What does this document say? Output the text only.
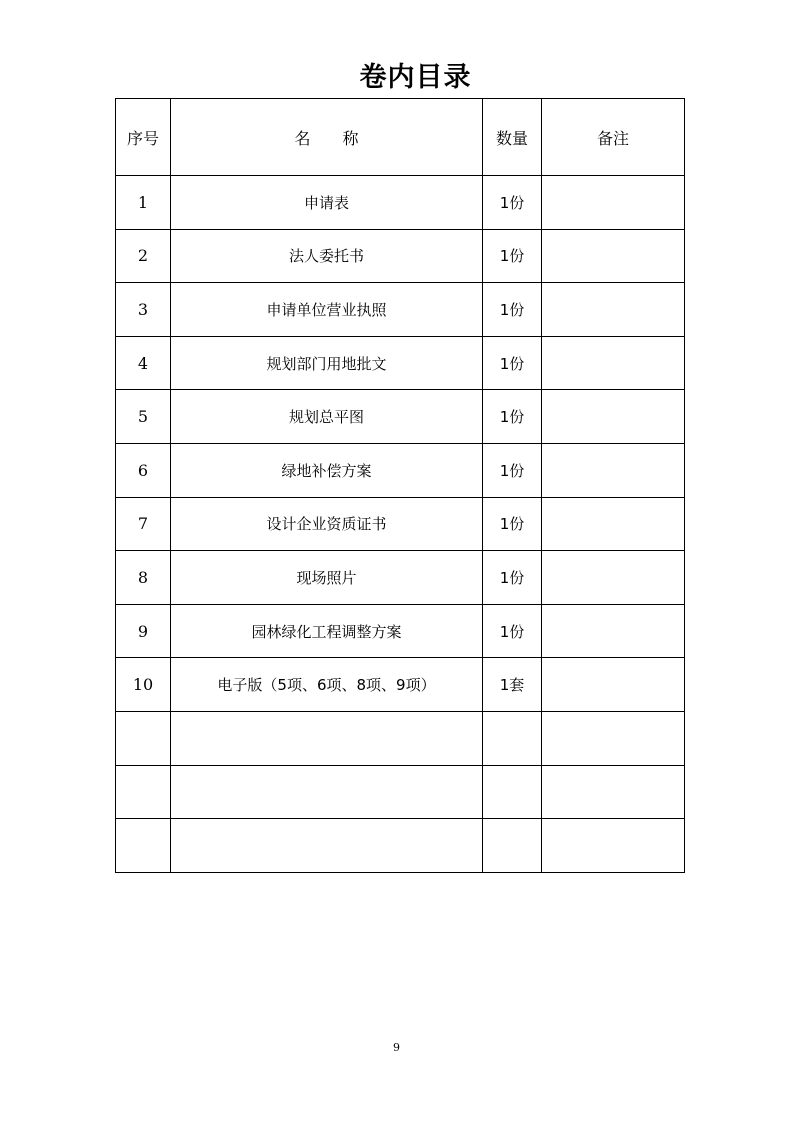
卷内目录
序号	名　　称	数量	备注
1	申请表	1份	
2	法人委托书	1份	
3	申请单位营业执照	1份	
4	规划部门用地批文	1份	
5	规划总平图	1份	
6	绿地补偿方案	1份	
7	设计企业资质证书	1份	
8	现场照片	1份	
9	园林绿化工程调整方案	1份	
10	电子版（5项、6项、8项、9项）	1套	

9
